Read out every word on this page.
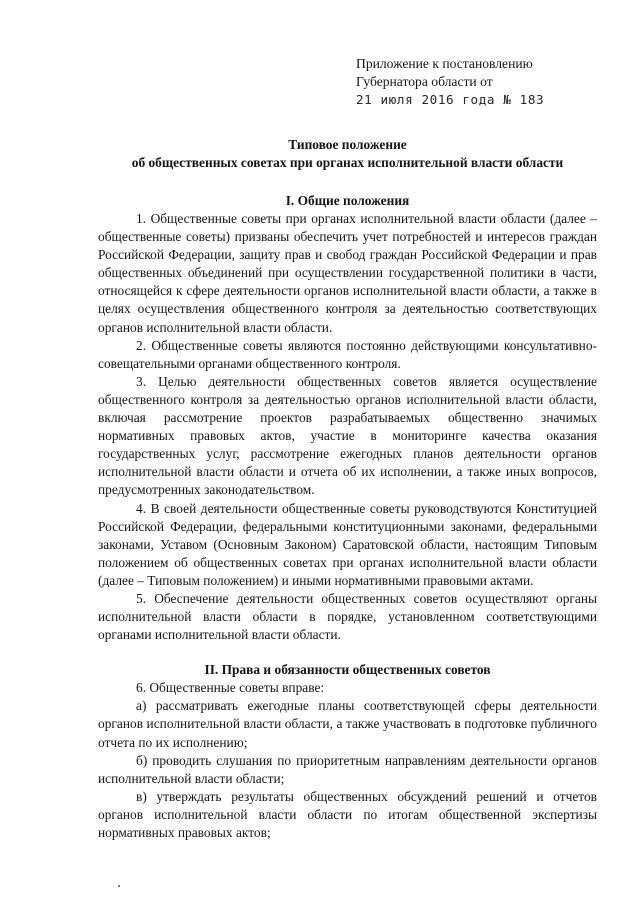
Приложение к постановлению
Губернатора области от
21 июля 2016 года № 183
Типовое положение
об общественных советах при органах исполнительной власти области
I. Общие положения

1. Общественные советы при органах исполнительной власти области (далее – общественные советы) призваны обеспечить учет потребностей и интересов граждан Российской Федерации, защиту прав и свобод граждан Российской Федерации и прав общественных объединений при осуществлении государственной политики в части, относящейся к сфере деятельности органов исполнительной власти области, а также в целях осуществления общественного контроля за деятельностью соответствующих органов исполнительной власти области.

2. Общественные советы являются постоянно действующими консультативно-совещательными органами общественного контроля.

3. Целью деятельности общественных советов является осуществление общественного контроля за деятельностью органов исполнительной власти области, включая рассмотрение проектов разрабатываемых общественно значимых нормативных правовых актов, участие в мониторинге качества оказания государственных услуг, рассмотрение ежегодных планов деятельности органов исполнительной власти области и отчета об их исполнении, а также иных вопросов, предусмотренных законодательством.

4. В своей деятельности общественные советы руководствуются Конституцией Российской Федерации, федеральными конституционными законами, федеральными законами, Уставом (Основным Законом) Саратовской области, настоящим Типовым положением об общественных советах при органах исполнительной власти области (далее – Типовым положением) и иными нормативными правовыми актами.

5. Обеспечение деятельности общественных советов осуществляют органы исполнительной власти области в порядке, установленном соответствующими органами исполнительной власти области.

II. Права и обязанности общественных советов

6. Общественные советы вправе:

а) рассматривать ежегодные планы соответствующей сферы деятельности органов исполнительной власти области, а также участвовать в подготовке публичного отчета по их исполнению;

б) проводить слушания по приоритетным направлениям деятельности органов исполнительной власти области;

в) утверждать результаты общественных обсуждений решений и отчетов органов исполнительной власти области по итогам общественной экспертизы нормативных правовых актов;
